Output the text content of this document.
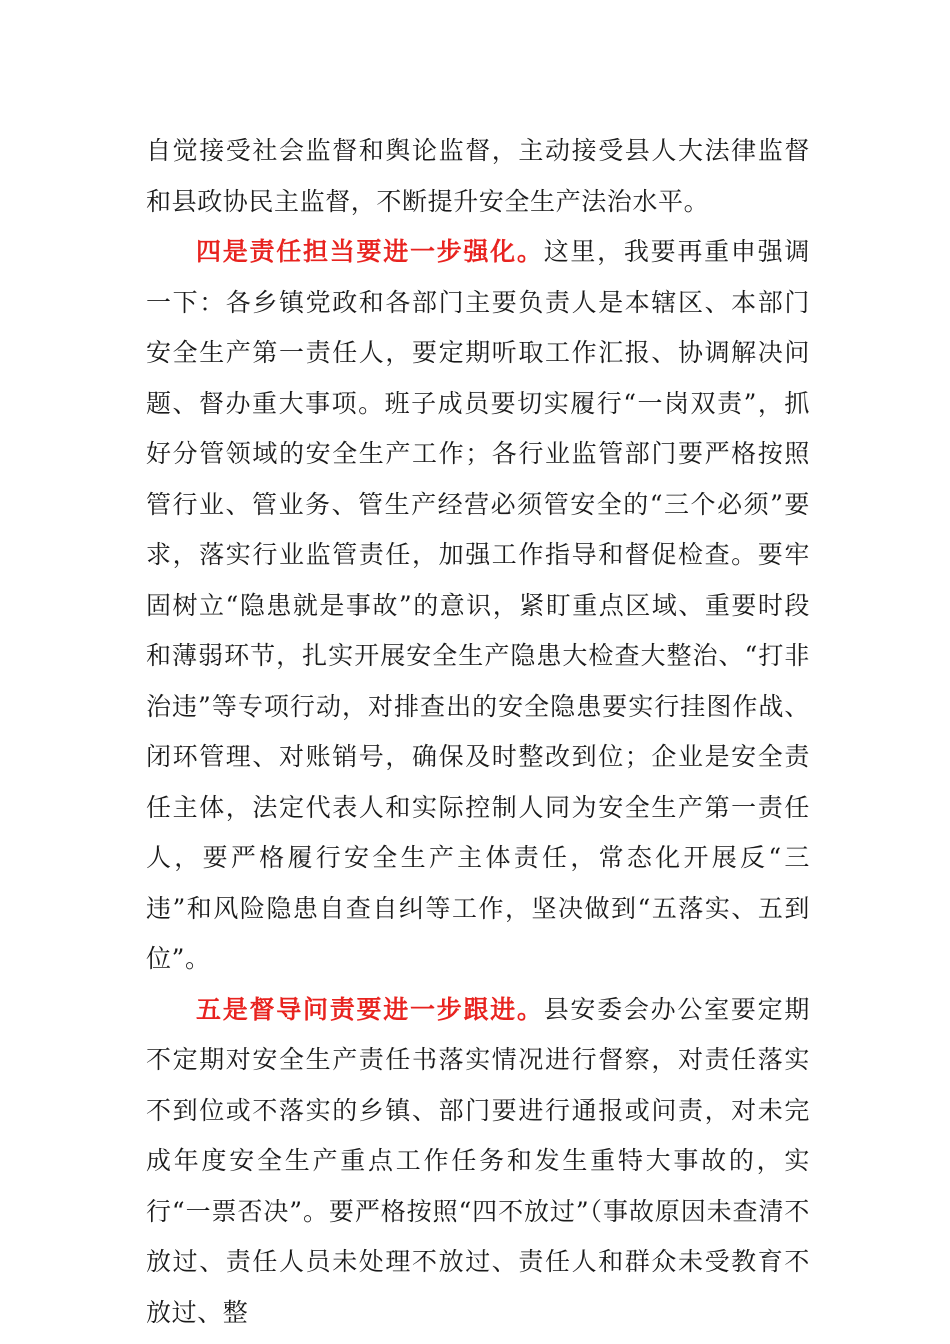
自觉接受社会监督和舆论监督，主动接受县人大法律监督和县政协民主监督，不断提升安全生产法治水平。

四是责任担当要进一步强化。这里，我要再重申强调一下：各乡镇党政和各部门主要负责人是本辖区、本部门安全生产第一责任人，要定期听取工作汇报、协调解决问题、督办重大事项。班子成员要切实履行“一岗双责”，抓好分管领域的安全生产工作；各行业监管部门要严格按照管行业、管业务、管生产经营必须管安全的“三个必须”要求，落实行业监管责任，加强工作指导和督促检查。要牢固树立“隐患就是事故”的意识，紧盯重点区域、重要时段和薄弱环节，扎实开展安全生产隐患大检查大整治、“打非治违”等专项行动，对排查出的安全隐患要实行挂图作战、闭环管理、对账销号，确保及时整改到位；企业是安全责任主体，法定代表人和实际控制人同为安全生产第一责任人，要严格履行安全生产主体责任，常态化开展反“三违”和风险隐患自查自纠等工作，坚决做到“五落实、五到位”。

五是督导问责要进一步跟进。县安委会办公室要定期不定期对安全生产责任书落实情况进行督察，对责任落实不到位或不落实的乡镇、部门要进行通报或问责，对未完成年度安全生产重点工作任务和发生重特大事故的，实行“一票否决”。要严格按照“四不放过”（事故原因未查清不放过、责任人员未处理不放过、责任人和群众未受教育不放过、整
